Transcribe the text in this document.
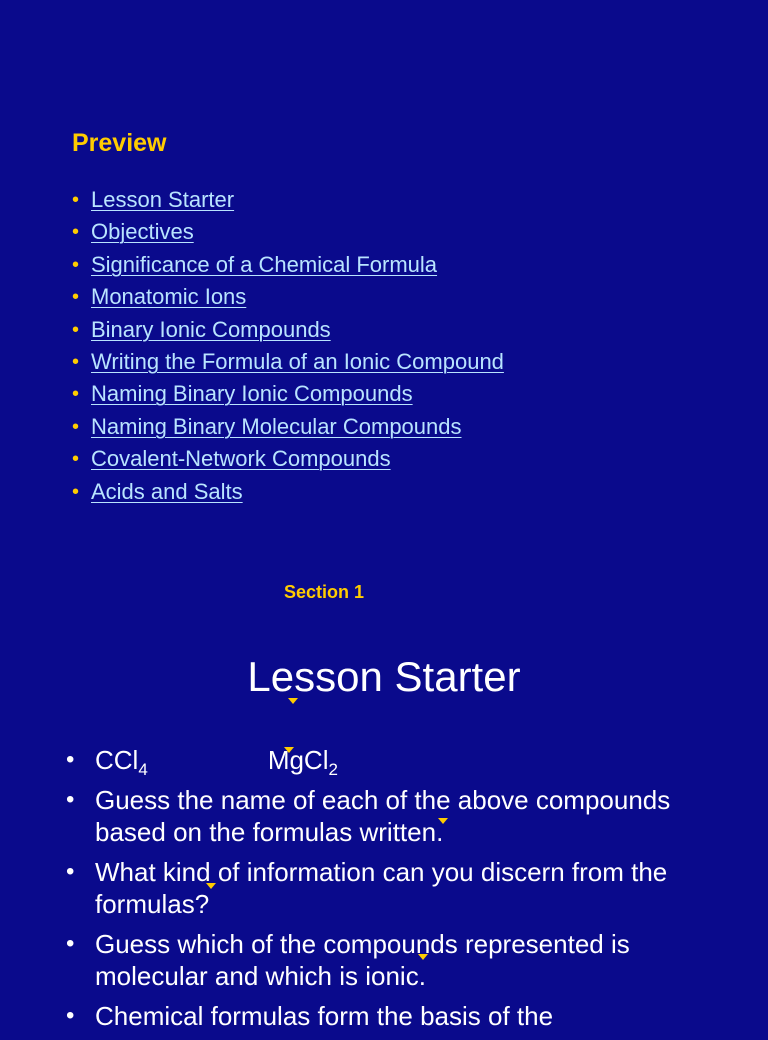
Preview
• Lesson Starter
• Objectives
• Significance of a Chemical Formula
• Monatomic Ions
• Binary Ionic Compounds
• Writing the Formula of an Ionic Compound
• Naming Binary Ionic Compounds
• Naming Binary Molecular Compounds
• Covalent-Network Compounds
• Acids and Salts

Section 1

Lesson Starter
• CCl$_4$	MgCl$_2$
• Guess the name of each of the above compounds based on the formulas written.
• What kind of information can you discern from the formulas?
• Guess which of the compounds represented is molecular and which is ionic.
• Chemical formulas form the basis of the
